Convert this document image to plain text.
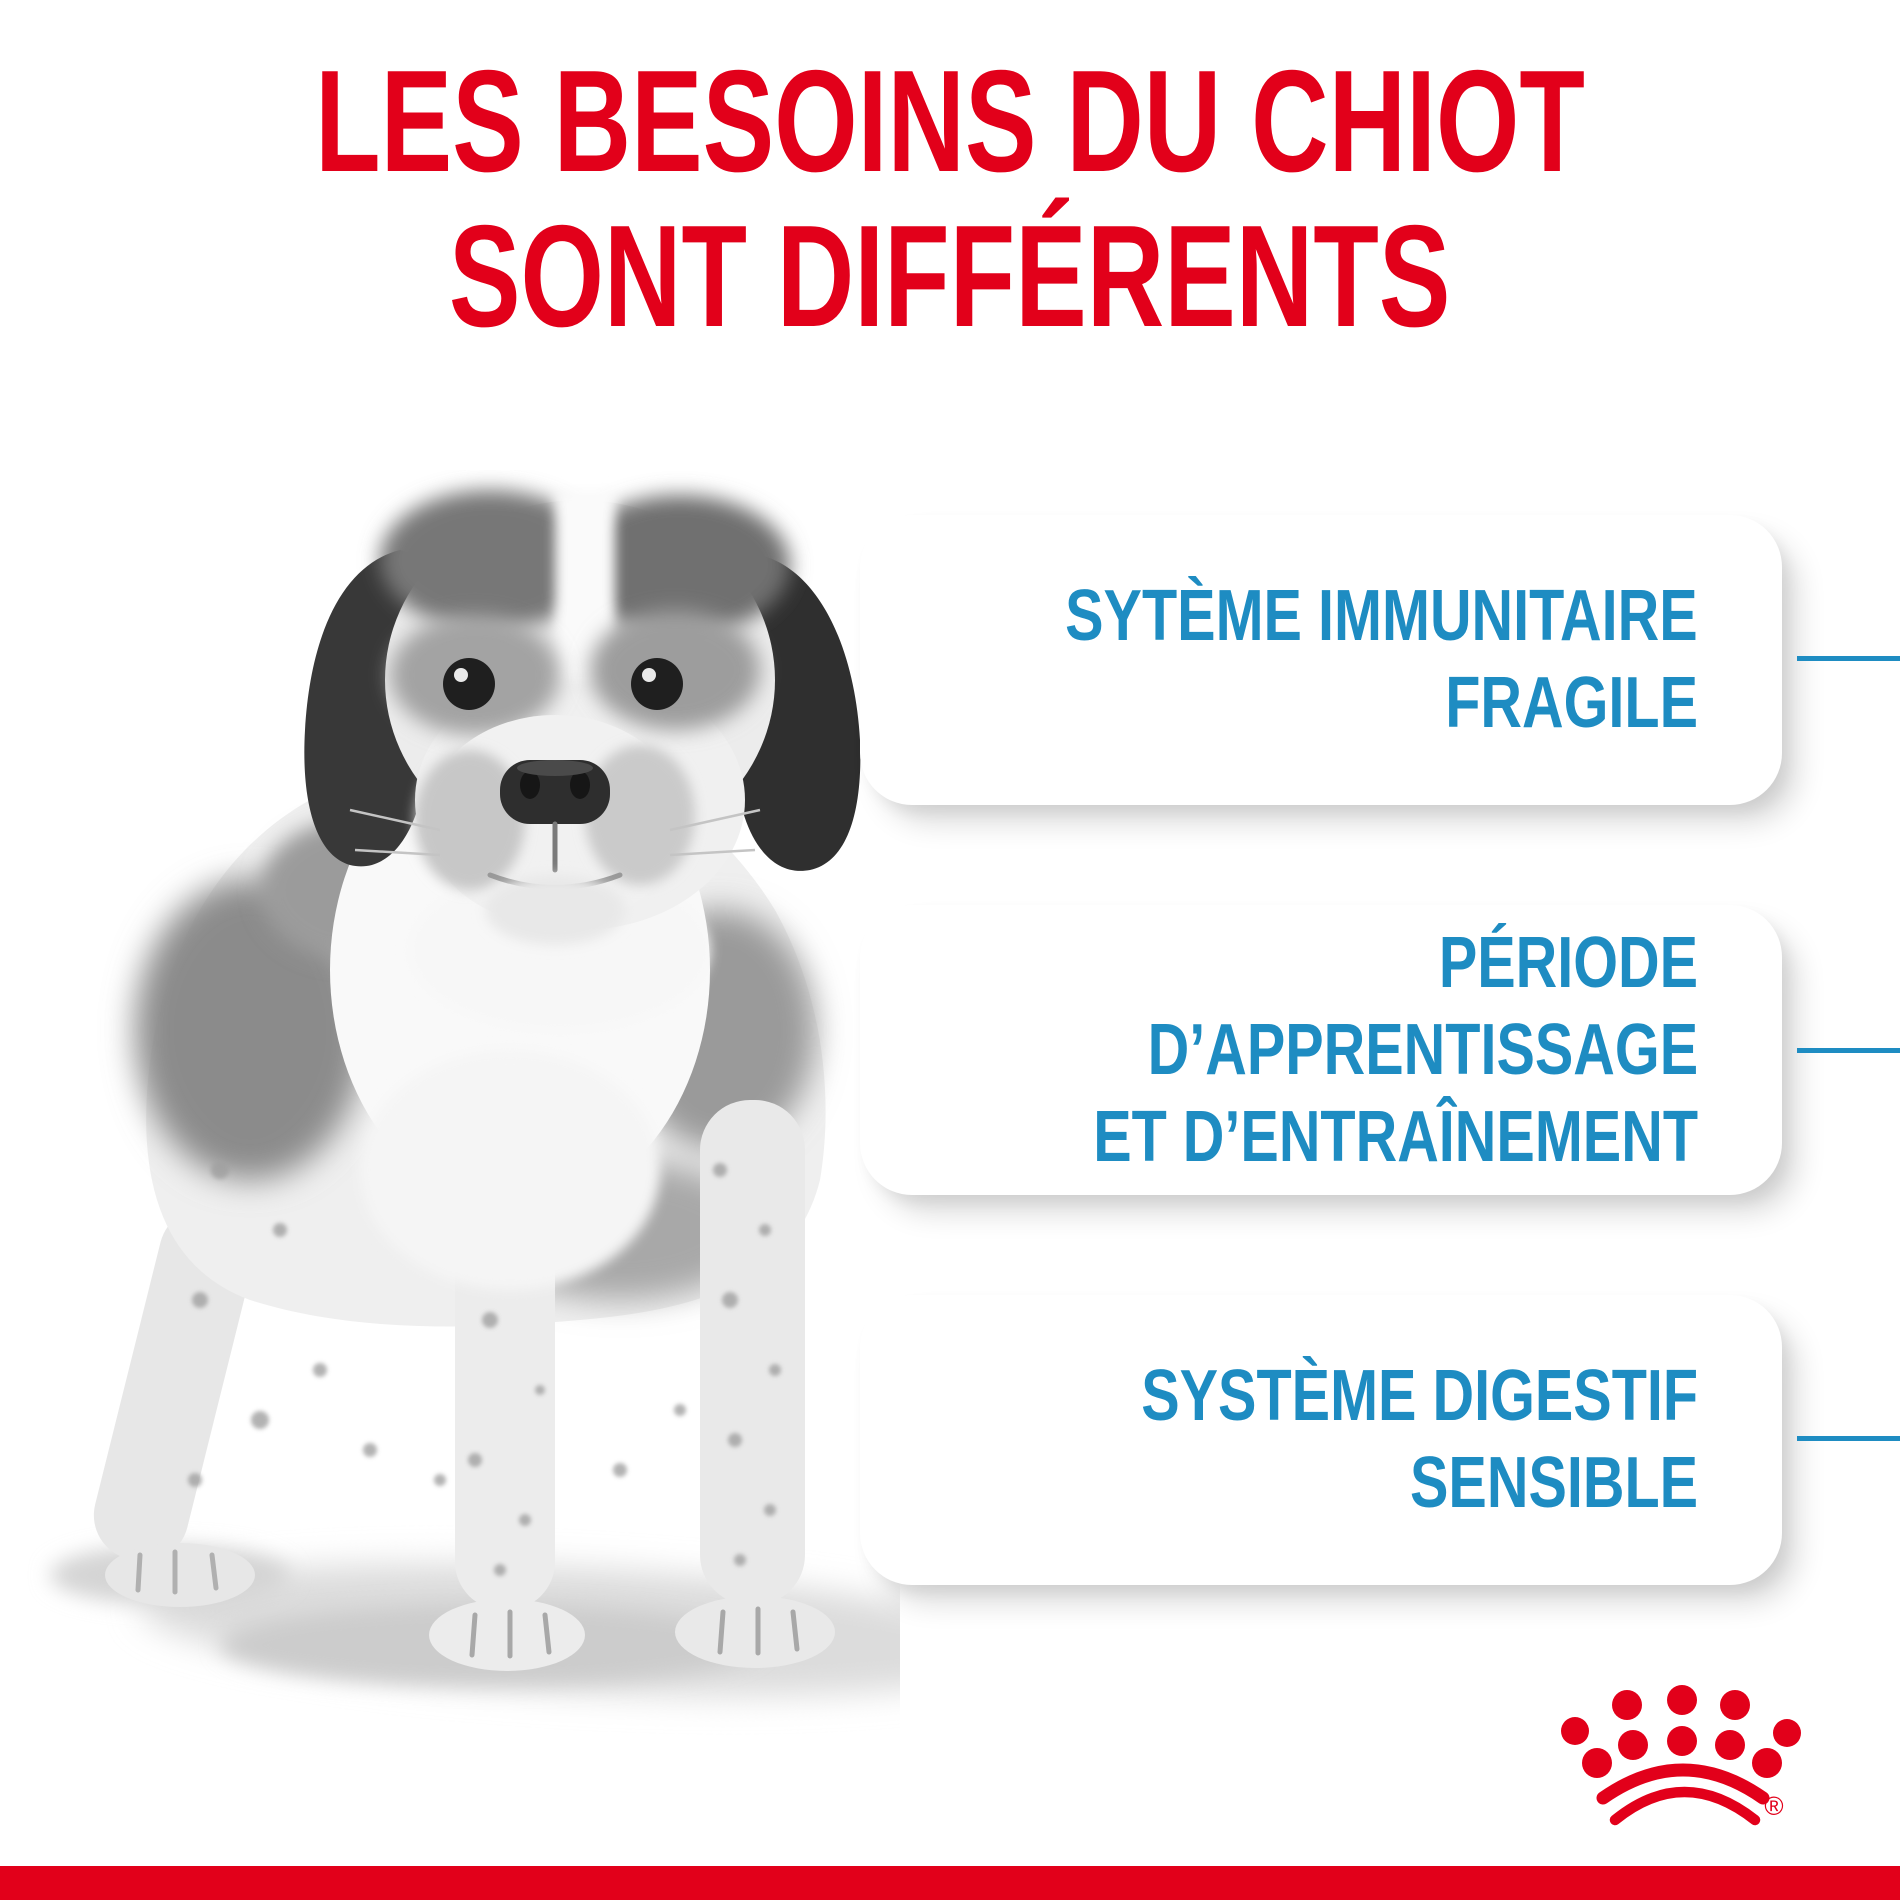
LES BESOINS DU CHIOT
SONT DIFFÉRENTS
SYTÈME IMMUNITAIRE
FRAGILE
PÉRIODE
D’APPRENTISSAGE
ET D’ENTRAÎNEMENT
SYSTÈME DIGESTIF
SENSIBLE
®
